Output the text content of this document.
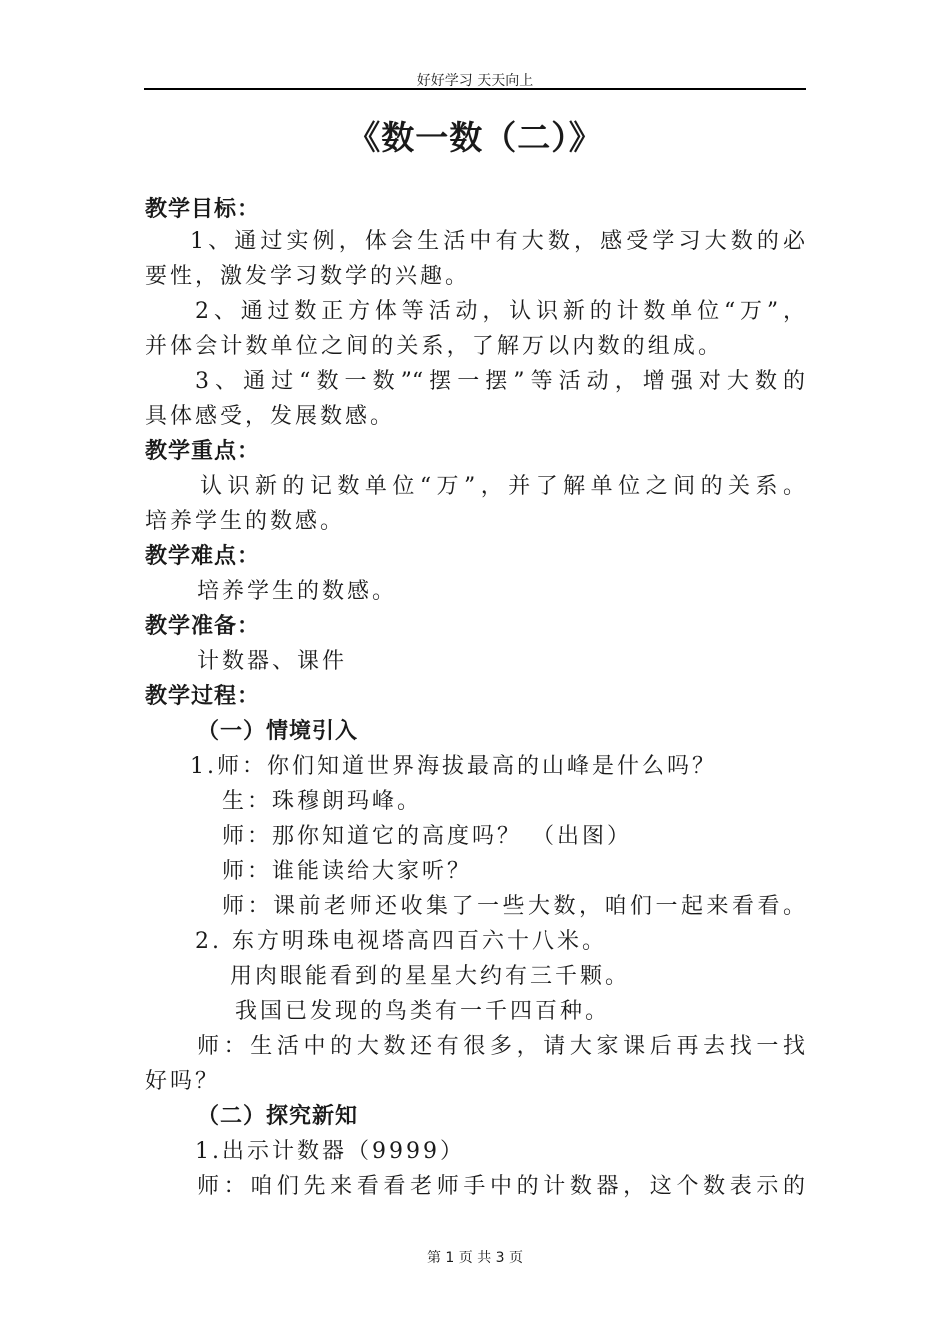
好好学习 天天向上
《数一数（二）》
教学目标：
1、通过实例，体会生活中有大数，感受学习大数的必
要性，激发学习数学的兴趣。
2、通过数正方体等活动，认识新的计数单位“万”，
并体会计数单位之间的关系，了解万以内数的组成。
3、通过“数一数”“摆一摆”等活动，增强对大数的
具体感受，发展数感。
教学重点：
认识新的记数单位“万”，并了解单位之间的关系。
培养学生的数感。
教学难点：
培养学生的数感。
教学准备：
计数器、课件
教学过程：
（一）情境引入
1.师：你们知道世界海拔最高的山峰是什么吗？
生：珠穆朗玛峰。
师：那你知道它的高度吗？ （出图）
师：谁能读给大家听？
师：课前老师还收集了一些大数，咱们一起来看看。
2. 东方明珠电视塔高四百六十八米。
用肉眼能看到的星星大约有三千颗。
我国已发现的鸟类有一千四百种。
师：生活中的大数还有很多，请大家课后再去找一找
好吗？
（二）探究新知
1.出示计数器（9999）
师：咱们先来看看老师手中的计数器，这个数表示的
第 1 页 共 3 页
